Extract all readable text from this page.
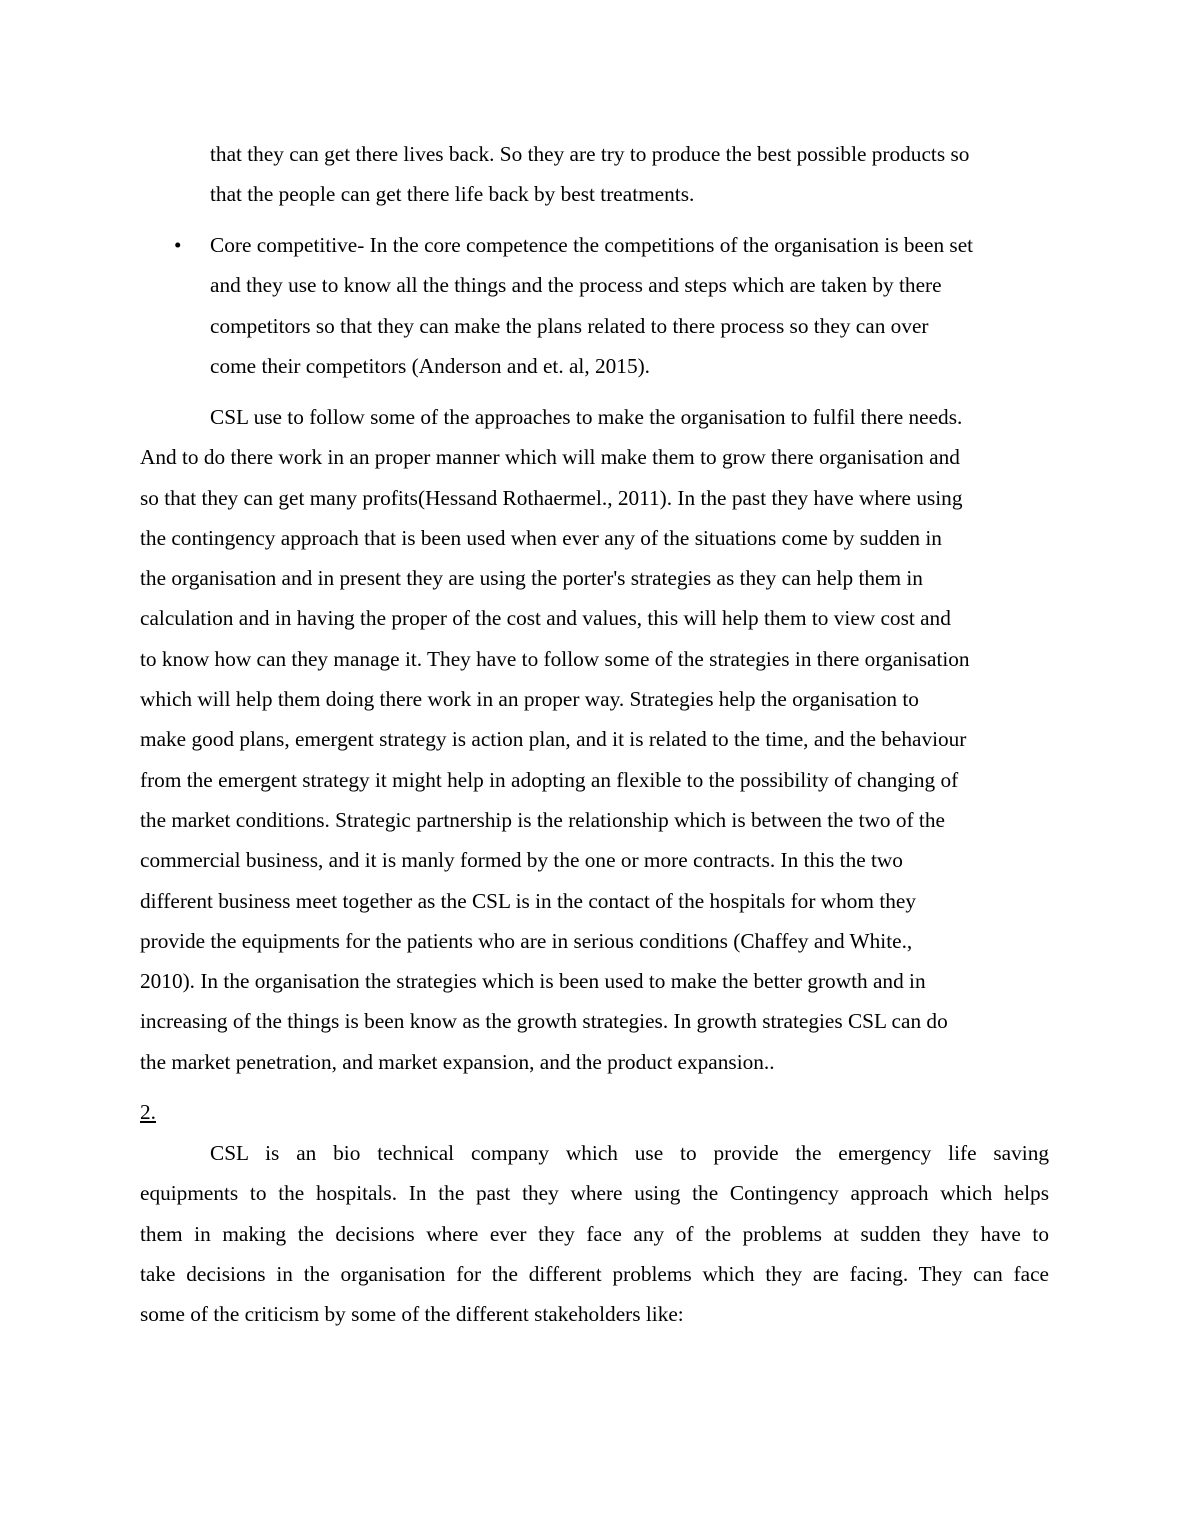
that they can get there lives back. So they are try to produce the best possible products so
that the people can get there life back by best treatments.
• Core competitive- In the core competence the competitions of the organisation is been set
and they use to know all the things and the process and steps which are taken by there
competitors so that they can make the plans related to there process so they can over
come their competitors (Anderson and et. al, 2015).
CSL use to follow some of the approaches to make the organisation to fulfil there needs.
And to do there work in an proper manner which will make them to grow there organisation and
so that they can get many profits(Hessand Rothaermel., 2011). In the past they have where using
the contingency approach that is been used when ever any of the situations come by sudden in
the organisation and in present they are using the porter's strategies as they can help them in
calculation and in having the proper of the cost and values, this will help them to view cost and
to know how can they manage it. They have to follow some of the strategies in there organisation
which will help them doing there work in an proper way. Strategies help the organisation to
make good plans, emergent strategy is action plan, and it is related to the time, and the behaviour
from the emergent strategy it might help in adopting an flexible to the possibility of changing of
the market conditions. Strategic partnership is the relationship which is between the two of the
commercial business, and it is manly formed by the one or more contracts. In this the two
different business meet together as the CSL is in the contact of the hospitals for whom they
provide the equipments for the patients who are in serious conditions (Chaffey and White.,
2010). In the organisation the strategies which is been used to make the better growth and in
increasing of the things is been know as the growth strategies. In growth strategies CSL can do
the market penetration, and market expansion, and the product expansion..
2.
CSL is an bio technical company which use to provide the emergency life saving
equipments to the hospitals. In the past they where using the Contingency approach which helps
them in making the decisions where ever they face any of the problems at sudden they have to
take decisions in the organisation for the different problems which they are facing. They can face
some of the criticism by some of the different stakeholders like:
